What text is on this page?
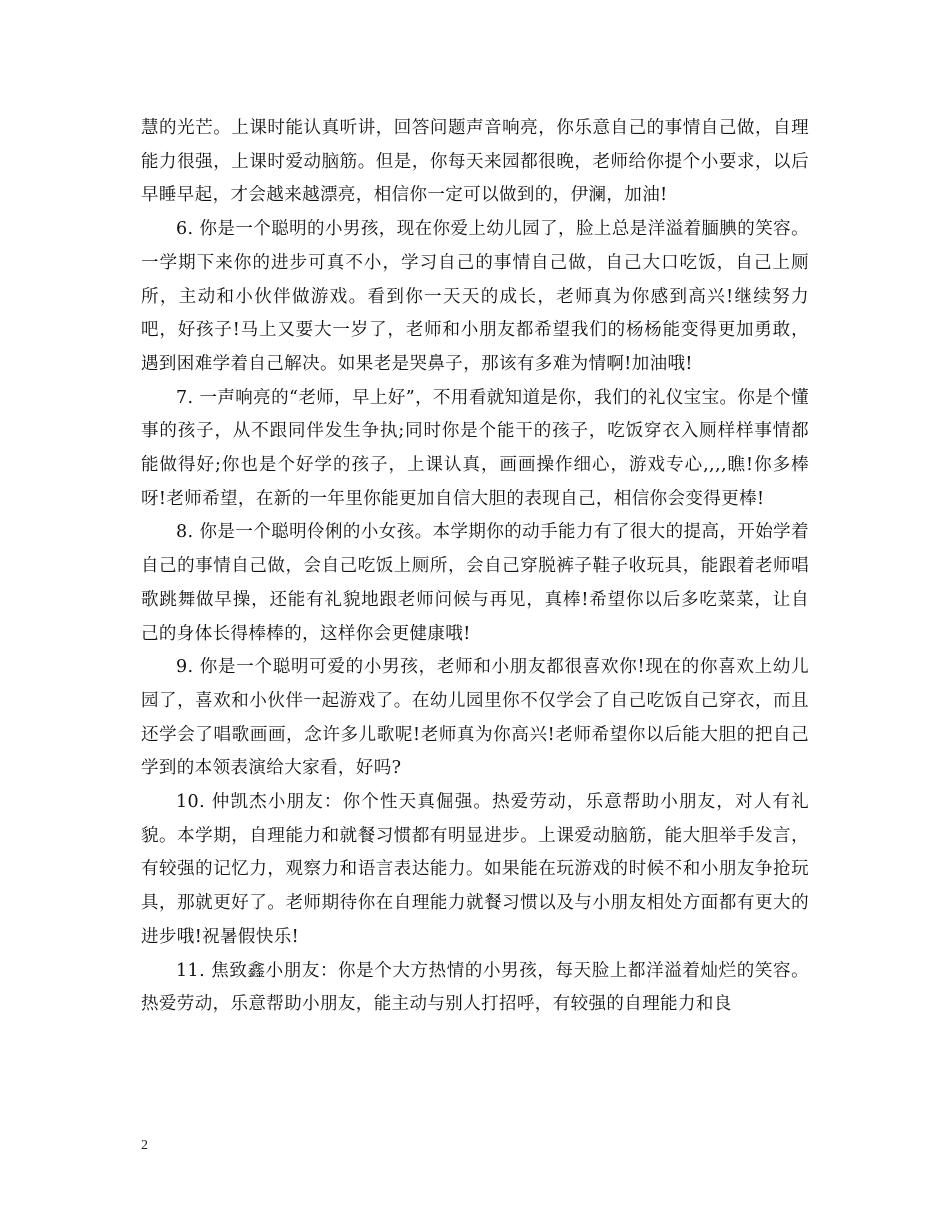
慧的光芒。上课时能认真听讲，回答问题声音响亮，你乐意自己的事情自己做，自理能力很强，上课时爱动脑筋。但是，你每天来园都很晚，老师给你提个小要求，以后早睡早起，才会越来越漂亮，相信你一定可以做到的，伊澜，加油!

6. 你是一个聪明的小男孩，现在你爱上幼儿园了，脸上总是洋溢着腼腆的笑容。一学期下来你的进步可真不小，学习自己的事情自己做，自己大口吃饭，自己上厕所，主动和小伙伴做游戏。看到你一天天的成长，老师真为你感到高兴!继续努力吧，好孩子!马上又要大一岁了，老师和小朋友都希望我们的杨杨能变得更加勇敢，遇到困难学着自己解决。如果老是哭鼻子，那该有多难为情啊!加油哦!

7. 一声响亮的“老师，早上好”，不用看就知道是你，我们的礼仪宝宝。你是个懂事的孩子，从不跟同伴发生争执;同时你是个能干的孩子，吃饭穿衣入厕样样事情都能做得好;你也是个好学的孩子，上课认真，画画操作细心，游戏专心,,,,瞧!你多棒呀!老师希望，在新的一年里你能更加自信大胆的表现自己，相信你会变得更棒!

8. 你是一个聪明伶俐的小女孩。本学期你的动手能力有了很大的提高，开始学着自己的事情自己做，会自己吃饭上厕所，会自己穿脱裤子鞋子收玩具，能跟着老师唱歌跳舞做早操，还能有礼貌地跟老师问候与再见，真棒!希望你以后多吃菜菜，让自己的身体长得棒棒的，这样你会更健康哦!

9. 你是一个聪明可爱的小男孩，老师和小朋友都很喜欢你!现在的你喜欢上幼儿园了，喜欢和小伙伴一起游戏了。在幼儿园里你不仅学会了自己吃饭自己穿衣，而且还学会了唱歌画画，念许多儿歌呢!老师真为你高兴!老师希望你以后能大胆的把自己学到的本领表演给大家看，好吗?

10. 仲凯杰小朋友：你个性天真倔强。热爱劳动，乐意帮助小朋友，对人有礼貌。本学期，自理能力和就餐习惯都有明显进步。上课爱动脑筋，能大胆举手发言，有较强的记忆力，观察力和语言表达能力。如果能在玩游戏的时候不和小朋友争抢玩具，那就更好了。老师期待你在自理能力就餐习惯以及与小朋友相处方面都有更大的进步哦!祝暑假快乐!

11. 焦致鑫小朋友：你是个大方热情的小男孩，每天脸上都洋溢着灿烂的笑容。热爱劳动，乐意帮助小朋友，能主动与别人打招呼，有较强的自理能力和良

2
